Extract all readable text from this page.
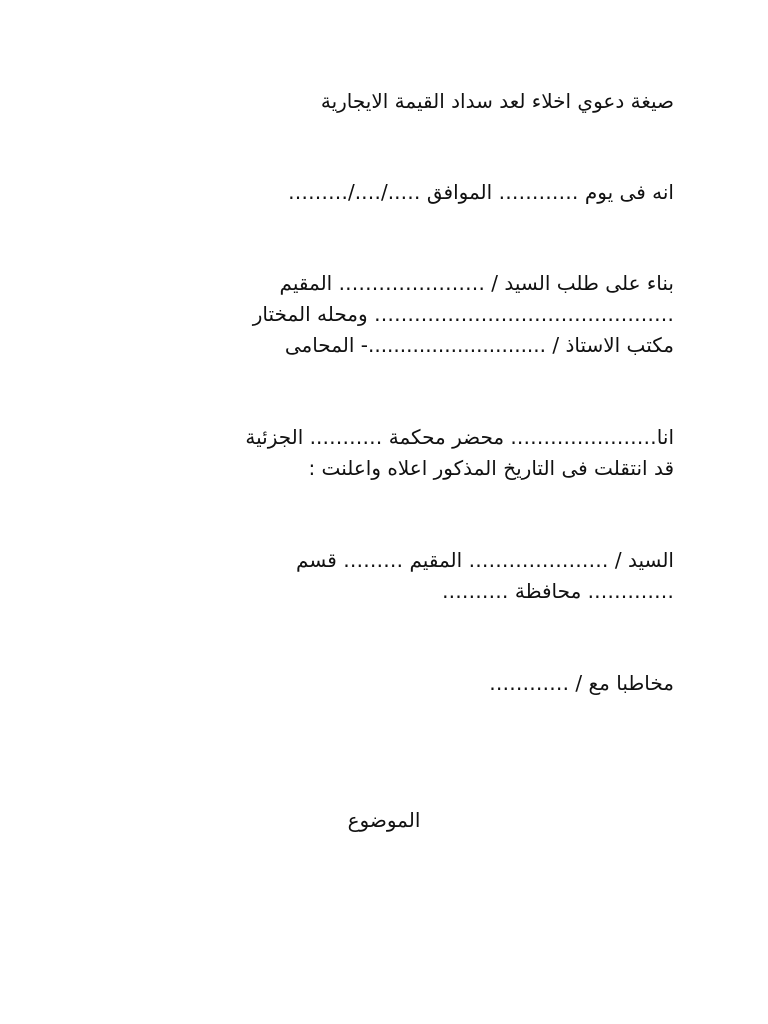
صيغة دعوي اخلاء لعد سداد القيمة الايجارية
انه فى يوم ………… الموافق …../…./………
بناء على طلب السيد / …………………. المقيم
……………………………………… ومحله المختار
مكتب الاستاذ / ............................- المحامى
انا…………………. محضر محكمة ……….. الجزئية
قد انتقلت فى التاريخ المذكور اعلاه واعلنت :
السيد / ………………… المقيم ……… قسم
…………. محافظة ……….
مخاطبا مع / …………
الموضوع
